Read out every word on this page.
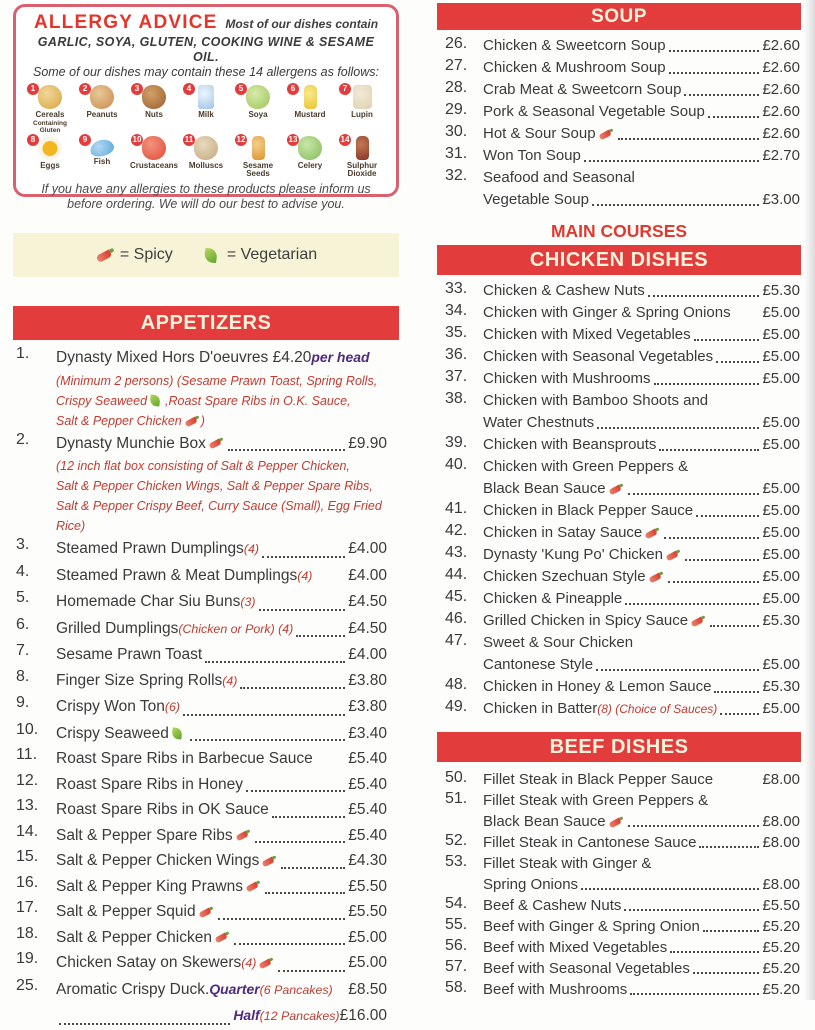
ALLERGY ADVICE Most of our dishes contain
GARLIC, SOYA, GLUTEN, COOKING WINE & SESAME OIL.
Some of our dishes may contain these 14 allergens as follows:
1
Cereals
Containing Gluten
2
Peanuts
3
Nuts
4
Milk
5
Soya
6
Mustard
7
Lupin
8
Eggs
9
Fish
10
Crustaceans
11
Molluscs
12
Sesame Seeds
13
Celery
14
Sulphur Dioxide
If you have any allergies to these products please inform us
before ordering. We will do our best to advise you.
= Spicy	= Vegetarian
APPETIZERS
1.	Dynasty Mixed Hors D'oeuvres £4.20 per head
(Minimum 2 persons) (Sesame Prawn Toast, Spring Rolls,
Crispy Seaweed ,Roast Spare Ribs in O.K. Sauce,
Salt & Pepper Chicken )
2.	Dynasty Munchie Box	£9.90
(12 inch flat box consisting of Salt & Pepper Chicken,
Salt & Pepper Chicken Wings, Salt & Pepper Spare Ribs,
Salt & Pepper Crispy Beef, Curry Sauce (Small), Egg Fried Rice)
3.	Steamed Prawn Dumplings (4)	£4.00
4.	Steamed Prawn & Meat Dumplings (4) £4.00
5.	Homemade Char Siu Buns (3)	£4.50
6.	Grilled Dumplings (Chicken or Pork) (4)	£4.50
7.	Sesame Prawn Toast	£4.00
8.	Finger Size Spring Rolls (4)	£3.80
9.	Crispy Won Ton (6)	£3.80
10.	Crispy Seaweed	£3.40
11.	Roast Spare Ribs in Barbecue Sauce £5.40
12.	Roast Spare Ribs in Honey	£5.40
13.	Roast Spare Ribs in OK Sauce	£5.40
14.	Salt & Pepper Spare Ribs	£5.40
15.	Salt & Pepper Chicken Wings	£4.30
16.	Salt & Pepper King Prawns	£5.50
17.	Salt & Pepper Squid	£5.50
18.	Salt & Pepper Chicken	£5.00
19.	Chicken Satay on Skewers (4)	£5.00
25.	Aromatic Crispy Duck. Quarter (6 Pancakes) £8.50
Half (12 Pancakes) £16.00
SOUP
26.	Chicken & Sweetcorn Soup	£2.60
27.	Chicken & Mushroom Soup	£2.60
28.	Crab Meat & Sweetcorn Soup	£2.60
29.	Pork & Seasonal Vegetable Soup	£2.60
30.	Hot & Sour Soup	£2.60
31.	Won Ton Soup	£2.70
32.	Seafood and Seasonal
Vegetable Soup	£3.00
MAIN COURSES
CHICKEN DISHES
33.	Chicken & Cashew Nuts	£5.30
34.	Chicken with Ginger & Spring Onions £5.00
35.	Chicken with Mixed Vegetables	£5.00
36.	Chicken with Seasonal Vegetables	£5.00
37.	Chicken with Mushrooms	£5.00
38.	Chicken with Bamboo Shoots and
Water Chestnuts	£5.00
39.	Chicken with Beansprouts	£5.00
40.	Chicken with Green Peppers &
Black Bean Sauce	£5.00
41.	Chicken in Black Pepper Sauce	£5.00
42.	Chicken in Satay Sauce	£5.00
43.	Dynasty 'Kung Po' Chicken	£5.00
44.	Chicken Szechuan Style	£5.00
45.	Chicken & Pineapple	£5.00
46.	Grilled Chicken in Spicy Sauce	£5.30
47.	Sweet & Sour Chicken
Cantonese Style	£5.00
48.	Chicken in Honey & Lemon Sauce	£5.30
49.	Chicken in Batter (8) (Choice of Sauces)	£5.00
BEEF DISHES
50.	Fillet Steak in Black Pepper Sauce	£8.00
51.	Fillet Steak with Green Peppers &
Black Bean Sauce	£8.00
52.	Fillet Steak in Cantonese Sauce	£8.00
53.	Fillet Steak with Ginger &
Spring Onions	£8.00
54.	Beef & Cashew Nuts	£5.50
55.	Beef with Ginger & Spring Onion	£5.20
56.	Beef with Mixed Vegetables	£5.20
57.	Beef with Seasonal Vegetables	£5.20
58.	Beef with Mushrooms	£5.20
